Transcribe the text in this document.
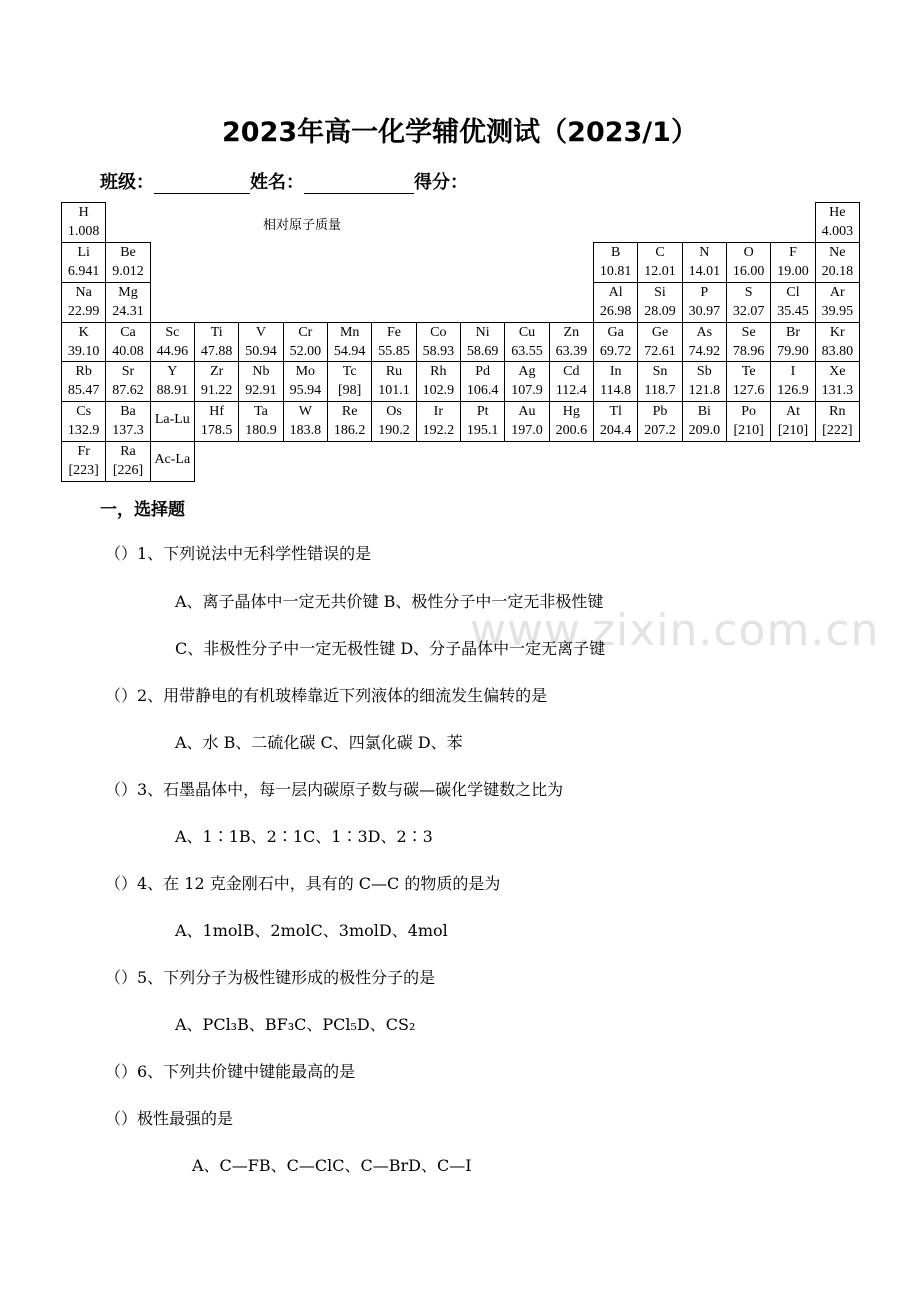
2023年高一化学辅优测试（2023/1）
班级：	姓名：	得分：
H
1.008
He
4.003
Li
6.941
Be
9.012
B
10.81
C
12.01
N
14.01
O
16.00
F
19.00
Ne
20.18
Na
22.99
Mg
24.31
Al
26.98
Si
28.09
P
30.97
S
32.07
Cl
35.45
Ar
39.95
K
39.10
Ca
40.08
Sc
44.96
Ti
47.88
V
50.94
Cr
52.00
Mn
54.94
Fe
55.85
Co
58.93
Ni
58.69
Cu
63.55
Zn
63.39
Ga
69.72
Ge
72.61
As
74.92
Se
78.96
Br
79.90
Kr
83.80
Rb
85.47
Sr
87.62
Y
88.91
Zr
91.22
Nb
92.91
Mo
95.94
Tc
[98]
Ru
101.1
Rh
102.9
Pd
106.4
Ag
107.9
Cd
112.4
In
114.8
Sn
118.7
Sb
121.8
Te
127.6
I
126.9
Xe
131.3
Cs
132.9
Ba
137.3
La-Lu
Hf
178.5
Ta
180.9
W
183.8
Re
186.2
Os
190.2
Ir
192.2
Pt
195.1
Au
197.0
Hg
200.6
Tl
204.4
Pb
207.2
Bi
209.0
Po
[210]
At
[210]
Rn
[222]
Fr
[223]
Ra
[226]
Ac-La
相对原子质量
www.zixin.com.cn
一，选择题
（）1、下列说法中无科学性错误的是
A、离子晶体中一定无共价键 B、极性分子中一定无非极性键
C、非极性分子中一定无极性键 D、分子晶体中一定无离子键
（）2、用带静电的有机玻棒靠近下列液体的细流发生偏转的是
A、水 B、二硫化碳 C、四氯化碳 D、苯
（）3、石墨晶体中，每一层内碳原子数与碳—碳化学键数之比为
A、1∶1B、2∶1C、1∶3D、2∶3
（）4、在 12 克金刚石中，具有的 C—C 的物质的是为
A、1molB、2molC、3molD、4mol
（）5、下列分子为极性键形成的极性分子的是
A、PCl₃B、BF₃C、PCl₅D、CS₂
（）6、下列共价键中键能最高的是
（）极性最强的是
A、C—FB、C—ClC、C—BrD、C—I
